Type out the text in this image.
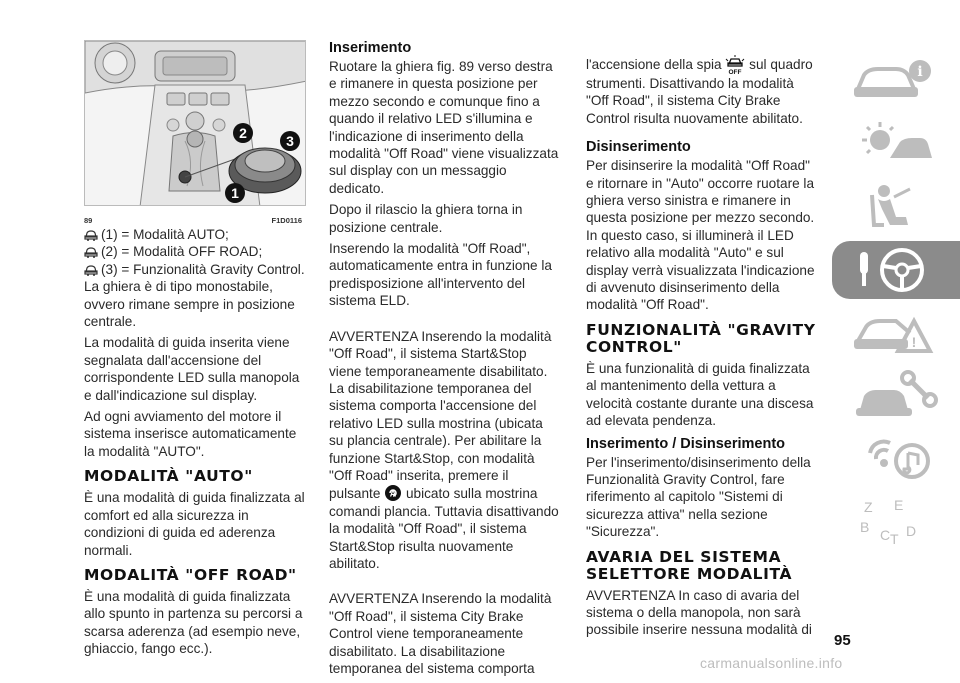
2	3
1
89	F1D0116
(1) = Modalità AUTO;
(2) = Modalità OFF ROAD;
(3) = Funzionalità Gravity Control.

La ghiera è di tipo monostabile, ovvero rimane sempre in posizione centrale.

La modalità di guida inserita viene segnalata dall'accensione del corrispondente LED sulla manopola e dall'indicazione sul display.

Ad ogni avviamento del motore il sistema inserisce automaticamente la modalità "AUTO".

MODALITÀ "AUTO"

È una modalità di guida finalizzata al comfort ed alla sicurezza in condizioni di guida ed aderenza normali.

MODALITÀ "OFF ROAD"

È una modalità di guida finalizzata allo spunto in partenza su percorsi a scarsa aderenza (ad esempio neve, ghiaccio, fango ecc.).

Inserimento

Ruotare la ghiera fig. 89 verso destra e rimanere in questa posizione per mezzo secondo e comunque fino a quando il relativo LED s'illumina e l'indicazione di inserimento della modalità "Off Road" viene visualizzata sul display con un messaggio dedicato.

Dopo il rilascio la ghiera torna in posizione centrale.

Inserendo la modalità "Off Road", automaticamente entra in funzione la predisposizione all'intervento del sistema ELD.

AVVERTENZA Inserendo la modalità "Off Road", il sistema Start&Stop viene temporaneamente disabilitato. La disabilitazione temporanea del sistema comporta l'accensione del relativo LED sulla mostrina (ubicata su plancia centrale). Per abilitare la funzione Start&Stop, con modalità "Off Road" inserita, premere il pulsante A ubicato sulla mostrina comandi plancia. Tuttavia disattivando la modalità "Off Road", il sistema Start&Stop risulta nuovamente abilitato.

AVVERTENZA Inserendo la modalità "Off Road", il sistema City Brake Control viene temporaneamente disabilitato. La disabilitazione temporanea del sistema comporta

l'accensione della spia
OFF
sul quadro strumenti. Disattivando la modalità "Off Road", il sistema City Brake Control risulta nuovamente abilitato.

Disinserimento

Per disinserire la modalità "Off Road" e ritornare in "Auto" occorre ruotare la ghiera verso sinistra e rimanere in questa posizione per mezzo secondo. In questo caso, si illuminerà il LED relativo alla modalità "Auto" e sul display verrà visualizzata l'indicazione di avvenuto disinserimento della modalità "Off Road".

FUNZIONALITÀ "GRAVITY CONTROL"

È una funzionalità di guida finalizzata al mantenimento della vettura a velocità costante durante una discesa ad elevata pendenza.

Inserimento / Disinserimento

Per l'inserimento/disinserimento della Funzionalità Gravity Control, fare riferimento al capitolo "Sistemi di sicurezza attiva" nella sezione "Sicurezza".

AVARIA DEL SISTEMA SELETTORE MODALITÀ

AVVERTENZA In caso di avaria del sistema o della manopola, non sarà possibile inserire nessuna modalità di

i
!
Z E
B C T D
95
carmanualsonline.info
